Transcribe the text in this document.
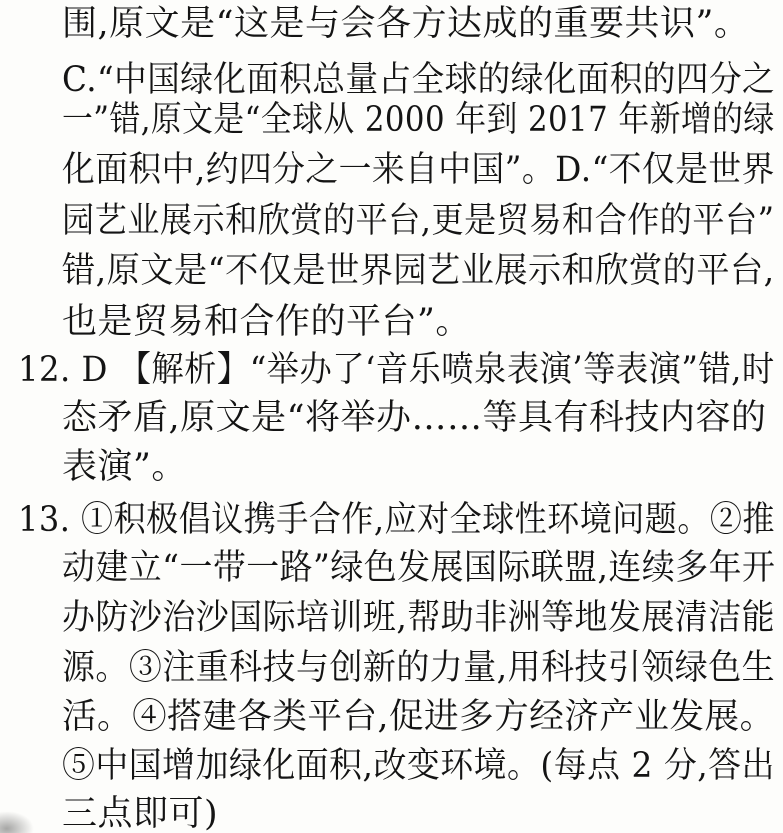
围,原文是“这是与会各方达成的重要共识”。
C.“中国绿化面积总量占全球的绿化面积的四分之
一”错,原文是“全球从 2000 年到 2017 年新增的绿
化面积中,约四分之一来自中国”。D.“不仅是世界
园艺业展示和欣赏的平台,更是贸易和合作的平台”
错,原文是“不仅是世界园艺业展示和欣赏的平台,
也是贸易和合作的平台”。
12. D 【解析】“举办了‘音乐喷泉表演’等表演”错,时
态矛盾,原文是“将举办……等具有科技内容的
表演”。
13. ①积极倡议携手合作,应对全球性环境问题。②推
动建立“一带一路”绿色发展国际联盟,连续多年开
办防沙治沙国际培训班,帮助非洲等地发展清洁能
源。③注重科技与创新的力量,用科技引领绿色生
活。④搭建各类平台,促进多方经济产业发展。
⑤中国增加绿化面积,改变环境。(每点 2 分,答出
三点即可)
